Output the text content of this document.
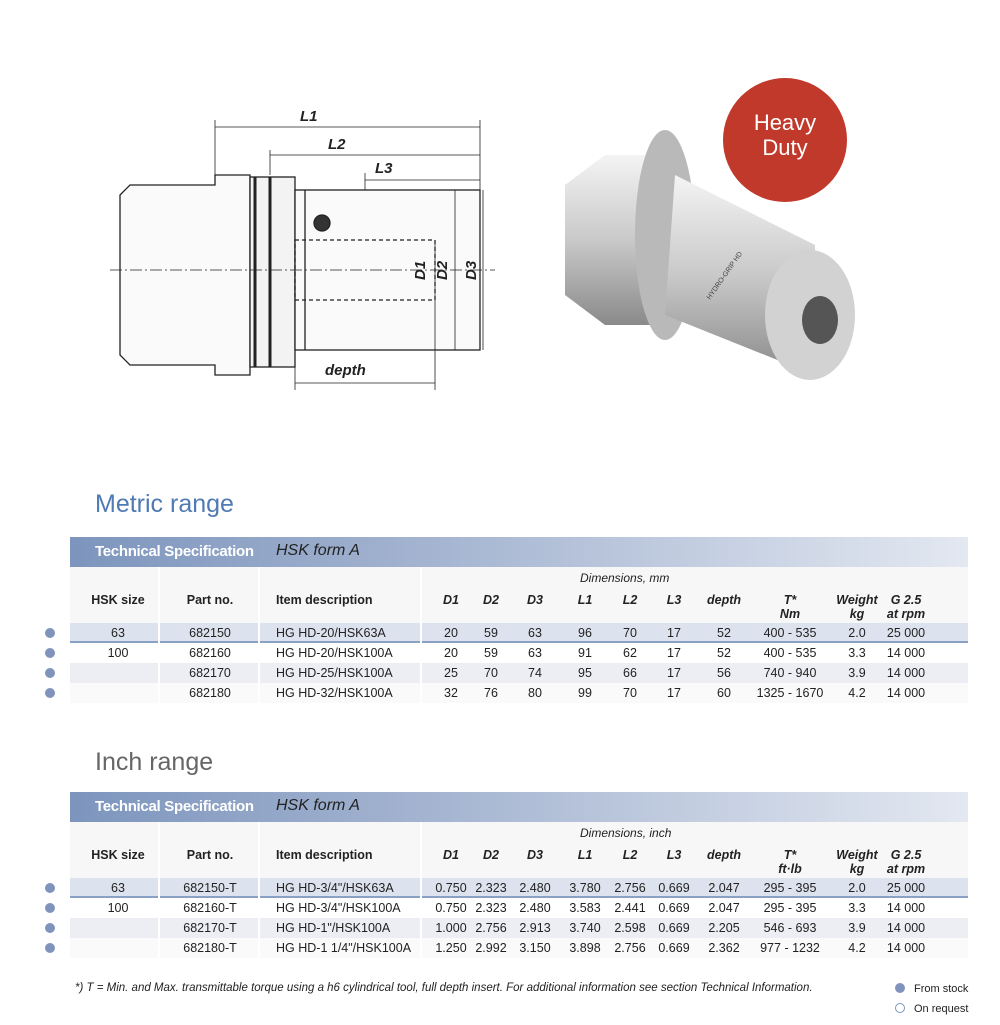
L1
L2
L3
D1 D2 D3
depth
Heavy
Duty
HYDRO-GRIP HD
Metric range
Technical Specification HSK form A
Dimensions, mm
HSK size	Part no.	Item description	D1 D2 D3	L1 L2 L3 depth	T*
Nm
Weight
kg
G 2.5
at rpm
63	682150	HG HD-20/HSK63A	20 59 63	96 70 17	52	400 - 535	2.0 25 000
100	682160	HG HD-20/HSK100A	20 59 63	91 62 17	52	400 - 535	3.3 14 000
682170	HG HD-25/HSK100A	25 70 74	95 66 17	56	740 - 940	3.9 14 000
682180	HG HD-32/HSK100A	32 76 80	99 70 17	60 1325 - 1670 4.2 14 000
Inch range
Technical Specification HSK form A
Dimensions, inch
HSK size	Part no.	Item description	D1 D2 D3	L1 L2 L3 depth	T*
ft·lb
Weight
kg
G 2.5
at rpm
63	682150-T	HG HD-3/4"/HSK63A	0.750 2.323 2.480 3.780 2.756 0.669 2.047 295 - 395	2.0 25 000
100	682160-T	HG HD-3/4"/HSK100A	0.750 2.323 2.480 3.583 2.441 0.669 2.047 295 - 395	3.3 14 000
682170-T	HG HD-1"/HSK100A	1.000 2.756 2.913 3.740 2.598 0.669 2.205 546 - 693	3.9 14 000
682180-T	HG HD-1 1/4"/HSK100A 1.250 2.992 3.150 3.898 2.756 0.669 2.362 977 - 1232 4.2 14 000
*) T = Min. and Max. transmittable torque using a h6 cylindrical tool, full depth insert. For additional information see section Technical Information.	From stock
On request
